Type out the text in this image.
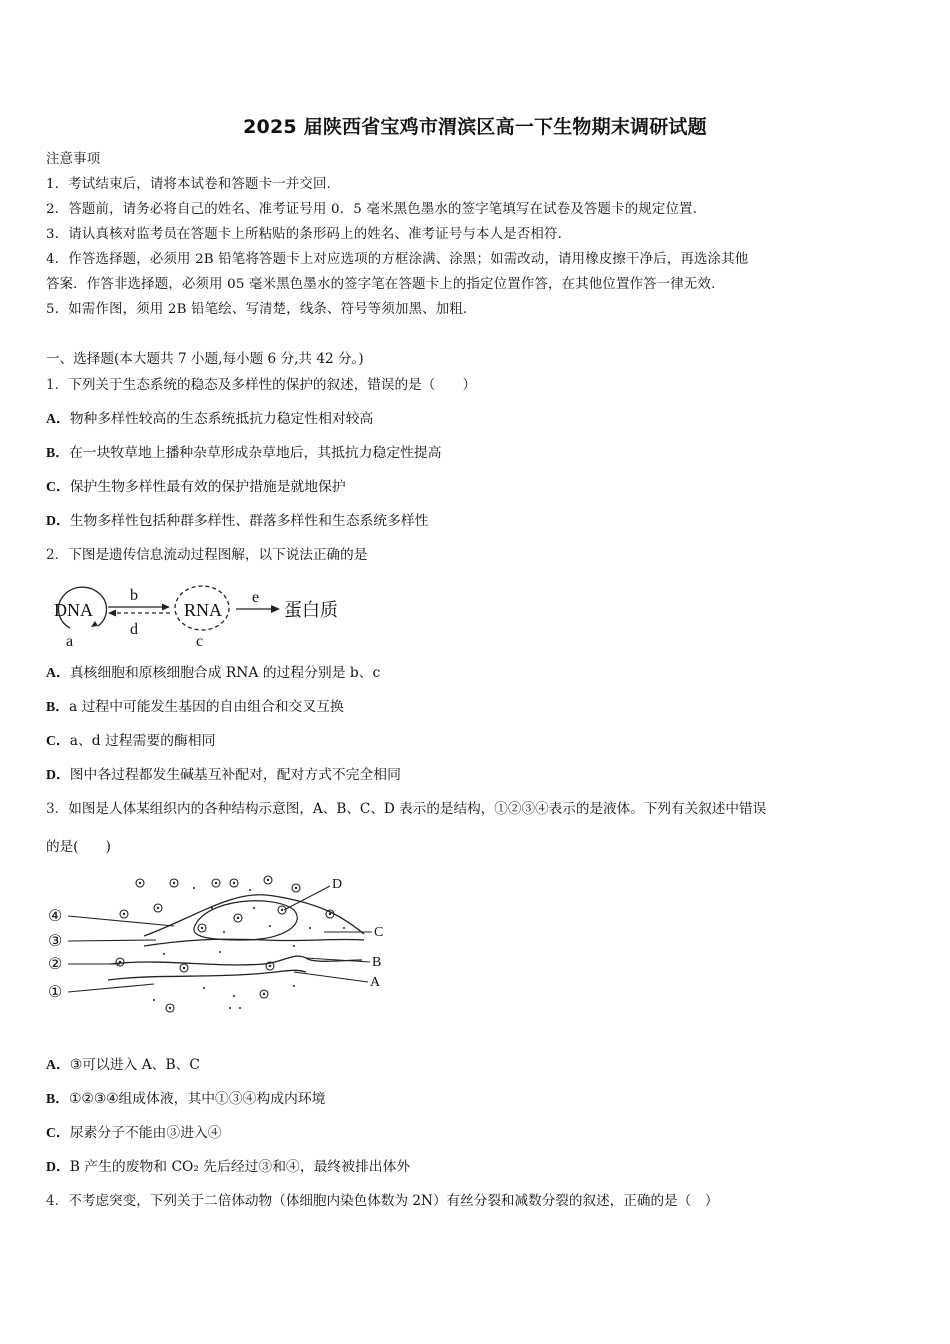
2025 届陕西省宝鸡市渭滨区高一下生物期末调研试题
注意事项
1．考试结束后，请将本试卷和答题卡一并交回.
2．答题前，请务必将自己的姓名、准考证号用 0．5 毫米黑色墨水的签字笔填写在试卷及答题卡的规定位置.
3．请认真核对监考员在答题卡上所粘贴的条形码上的姓名、准考证号与本人是否相符.
4．作答选择题，必须用 2B 铅笔将答题卡上对应选项的方框涂满、涂黑；如需改动，请用橡皮擦干净后，再选涂其他
答案．作答非选择题，必须用 05 毫米黑色墨水的签字笔在答题卡上的指定位置作答，在其他位置作答一律无效.
5．如需作图，须用 2B 铅笔绘、写清楚，线条、符号等须加黑、加粗.
一、选择题(本大题共 7 小题,每小题 6 分,共 42 分。)
1．下列关于生态系统的稳态及多样性的保护的叙述，错误的是（　　）
A．物种多样性较高的生态系统抵抗力稳定性相对较高
B．在一块牧草地上播种杂草形成杂草地后，其抵抗力稳定性提高
C．保护生物多样性最有效的保护措施是就地保护
D．生物多样性包括种群多样性、群落多样性和生态系统多样性
2．下图是遗传信息流动过程图解，以下说法正确的是
DNA
a
b
d
RNA
c
e
蛋白质
A．真核细胞和原核细胞合成 RNA 的过程分别是 b、c
B．a 过程中可能发生基因的自由组合和交叉互换
C．a、d 过程需要的酶相同
D．图中各过程都发生碱基互补配对，配对方式不完全相同
3．如图是人体某组织内的各种结构示意图，A、B、C、D 表示的是结构，①②③④表示的是液体。下列有关叙述中错误
的是(　　)
④
③
②
①
D
C
B
A
A．③可以进入 A、B、C
B．①②③④组成体液，其中①③④构成内环境
C．尿素分子不能由③进入④
D．B 产生的废物和 CO₂ 先后经过③和④，最终被排出体外
4．不考虑突变，下列关于二倍体动物（体细胞内染色体数为 2N）有丝分裂和减数分裂的叙述，正确的是（　）
